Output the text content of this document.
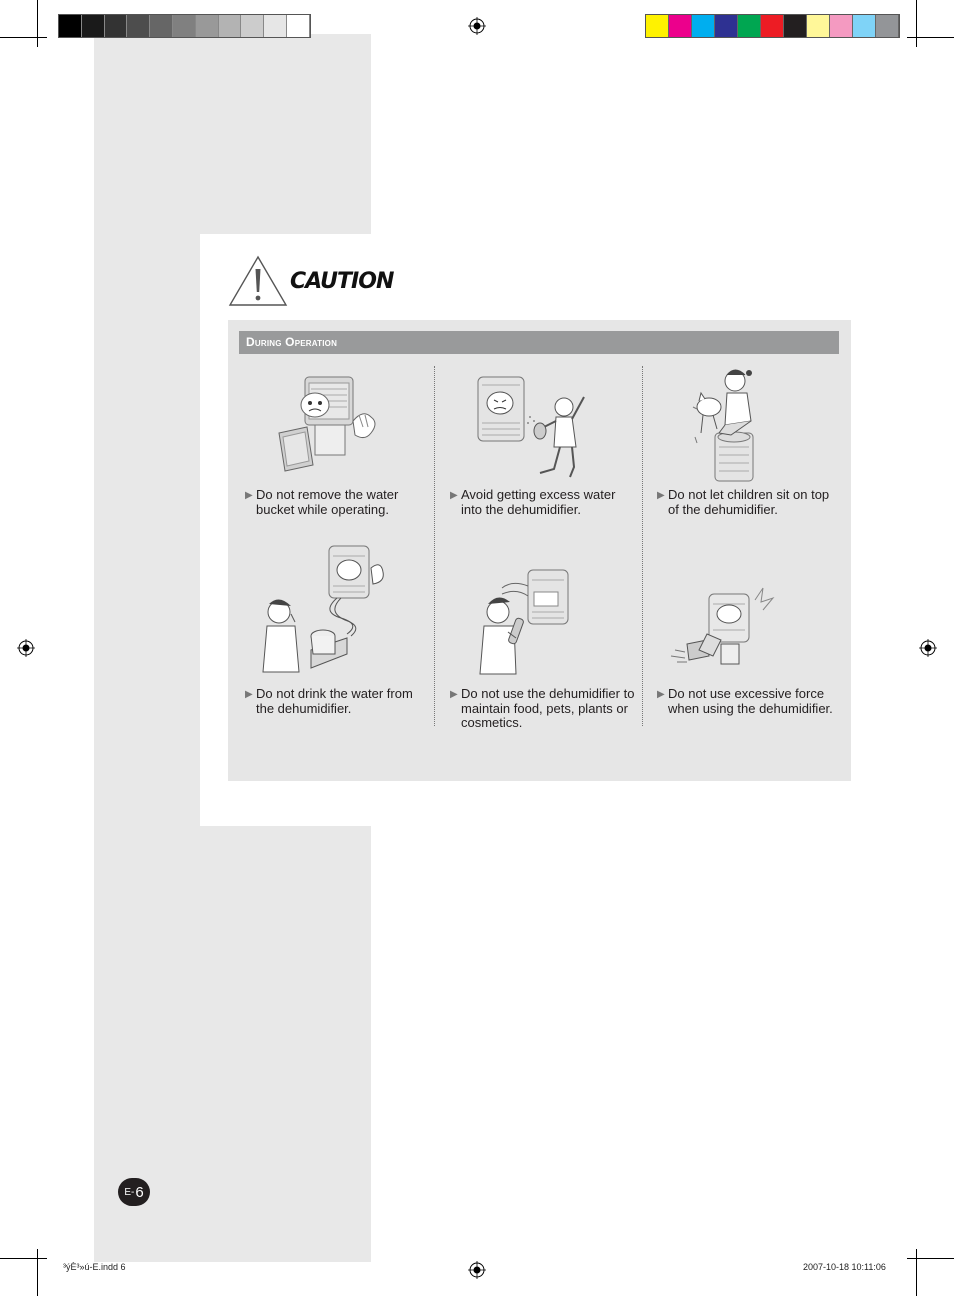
CAUTION
During Operation
▶ Do not remove the water bucket while operating.
▶ Avoid getting excess water into the dehumidifier.
▶ Do not let children sit on top of the dehumidifier.
▶ Do not drink the water from the dehumidifier.
▶ Do not use the dehumidifier to maintain food, pets, plants or cosmetics.
▶ Do not use excessive force when using the dehumidifier.
E- 6
³ýÈ³»ú-E.indd 6	2007-10-18 10:11:06
